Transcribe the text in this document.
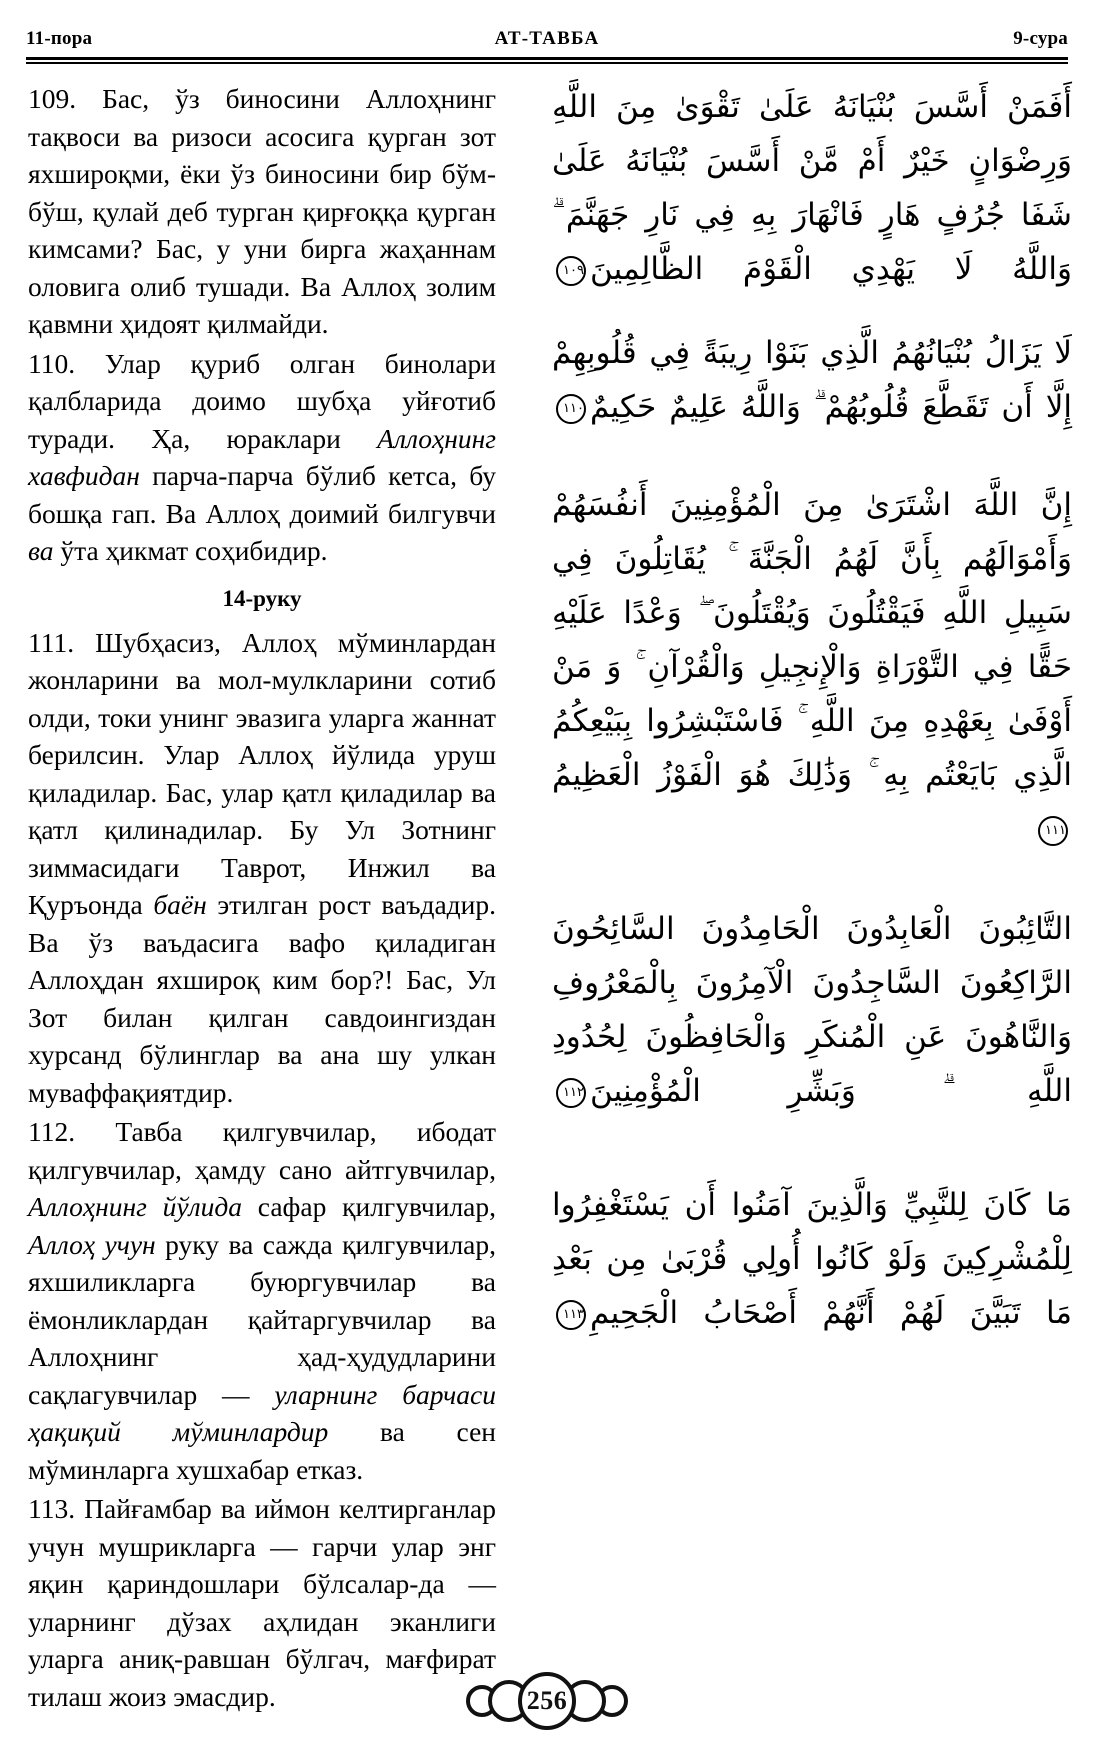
11-пора	АТ-ТАВБА	9-сура

109. Бас, ўз биносини Аллоҳнинг тақвоси ва ризоси асосига қурган зот яхшироқми, ёки ўз биносини бир бўм-бўш, қулай деб турган қирғоққа қурган кимсами? Бас, у уни бирга жаҳаннам оловига олиб тушади. Ва Аллоҳ золим қавмни ҳидоят қилмайди.

110. Улар қуриб олган бинолари қалбларида доимо шубҳа уйғотиб туради. Ҳа, юраклари Аллоҳнинг хавфидан парча-парча бўлиб кетса, бу бошқа гап. Ва Аллоҳ доимий билгувчи ва ўта ҳикмат соҳибидир.

14-руку

111. Шубҳасиз, Аллоҳ мўминлардан жонларини ва мол-мулкларини сотиб олди, токи унинг эвазига уларга жаннат берилсин. Улар Аллоҳ йўлида уруш қиладилар. Бас, улар қатл қиладилар ва қатл қилинадилар. Бу Ул Зотнинг зиммасидаги Таврот, Инжил ва Қуръонда баён этилган рост ваъдадир. Ва ўз ваъдасига вафо қиладиган Аллоҳдан яхшироқ ким бор?! Бас, Ул Зот билан қилган савдоингиздан хурсанд бўлинглар ва ана шу улкан муваффақиятдир.

112. Тавба қилгувчилар, ибодат қилгувчилар, ҳамду сано айтгувчилар, Аллоҳнинг йўлида сафар қилгувчилар, Аллоҳ учун руку ва сажда қилгувчилар, яхшиликларга буюргувчилар ва ёмонликлардан қайтаргувчилар ва Аллоҳнинг ҳад-ҳудудларини сақлагувчилар — уларнинг барчаси ҳақиқий мўминлардир ва сен мўминларга хушхабар етказ.

113. Пайғамбар ва иймон келтирганлар учун мушрикларга — гарчи улар энг яқин қариндошлари бўлсалар-да — уларнинг дўзах аҳлидан эканлиги уларга аниқ-равшан бўлгач, мағфират тилаш жоиз эмасдир.

أَفَمَنْ أَسَّسَ بُنْيَانَهُ عَلَىٰ تَقْوَىٰ مِنَ اللَّهِ وَرِضْوَانٍ خَيْرٌ أَمْ مَّنْ أَسَّسَ بُنْيَانَهُ عَلَىٰ شَفَا جُرُفٍ هَارٍ فَانْهَارَ بِهِ فِي نَارِ جَهَنَّمَ ۗ وَاللَّهُ لَا يَهْدِي الْقَوْمَ الظَّالِمِينَ١٠٩
لَا يَزَالُ بُنْيَانُهُمُ الَّذِي بَنَوْا رِيبَةً فِي قُلُوبِهِمْ إِلَّا أَن تَقَطَّعَ قُلُوبُهُمْ ۗ وَاللَّهُ عَلِيمٌ حَكِيمٌ١١٠
إِنَّ اللَّهَ اشْتَرَىٰ مِنَ الْمُؤْمِنِينَ أَنفُسَهُمْ وَأَمْوَالَهُم بِأَنَّ لَهُمُ الْجَنَّةَ ۚ يُقَاتِلُونَ فِي سَبِيلِ اللَّهِ فَيَقْتُلُونَ وَيُقْتَلُونَ ۖ وَعْدًا عَلَيْهِ حَقًّا فِي التَّوْرَاةِ وَالْإِنجِيلِ وَالْقُرْآنِ ۚ وَ مَنْ أَوْفَىٰ بِعَهْدِهِ مِنَ اللَّهِ ۚ فَاسْتَبْشِرُوا بِبَيْعِكُمُ الَّذِي بَايَعْتُم بِهِ ۚ وَذَٰلِكَ هُوَ الْفَوْزُ الْعَظِيمُ١١١
التَّائِبُونَ الْعَابِدُونَ الْحَامِدُونَ السَّائِحُونَ الرَّاكِعُونَ السَّاجِدُونَ الْآمِرُونَ بِالْمَعْرُوفِ وَالنَّاهُونَ عَنِ الْمُنكَرِ وَالْحَافِظُونَ لِحُدُودِ اللَّهِ ۗ وَبَشِّرِ الْمُؤْمِنِينَ١١٢
مَا كَانَ لِلنَّبِيِّ وَالَّذِينَ آمَنُوا أَن يَسْتَغْفِرُوا لِلْمُشْرِكِينَ وَلَوْ كَانُوا أُولِي قُرْبَىٰ مِن بَعْدِ مَا تَبَيَّنَ لَهُمْ أَنَّهُمْ أَصْحَابُ الْجَحِيمِ١١٣
256
